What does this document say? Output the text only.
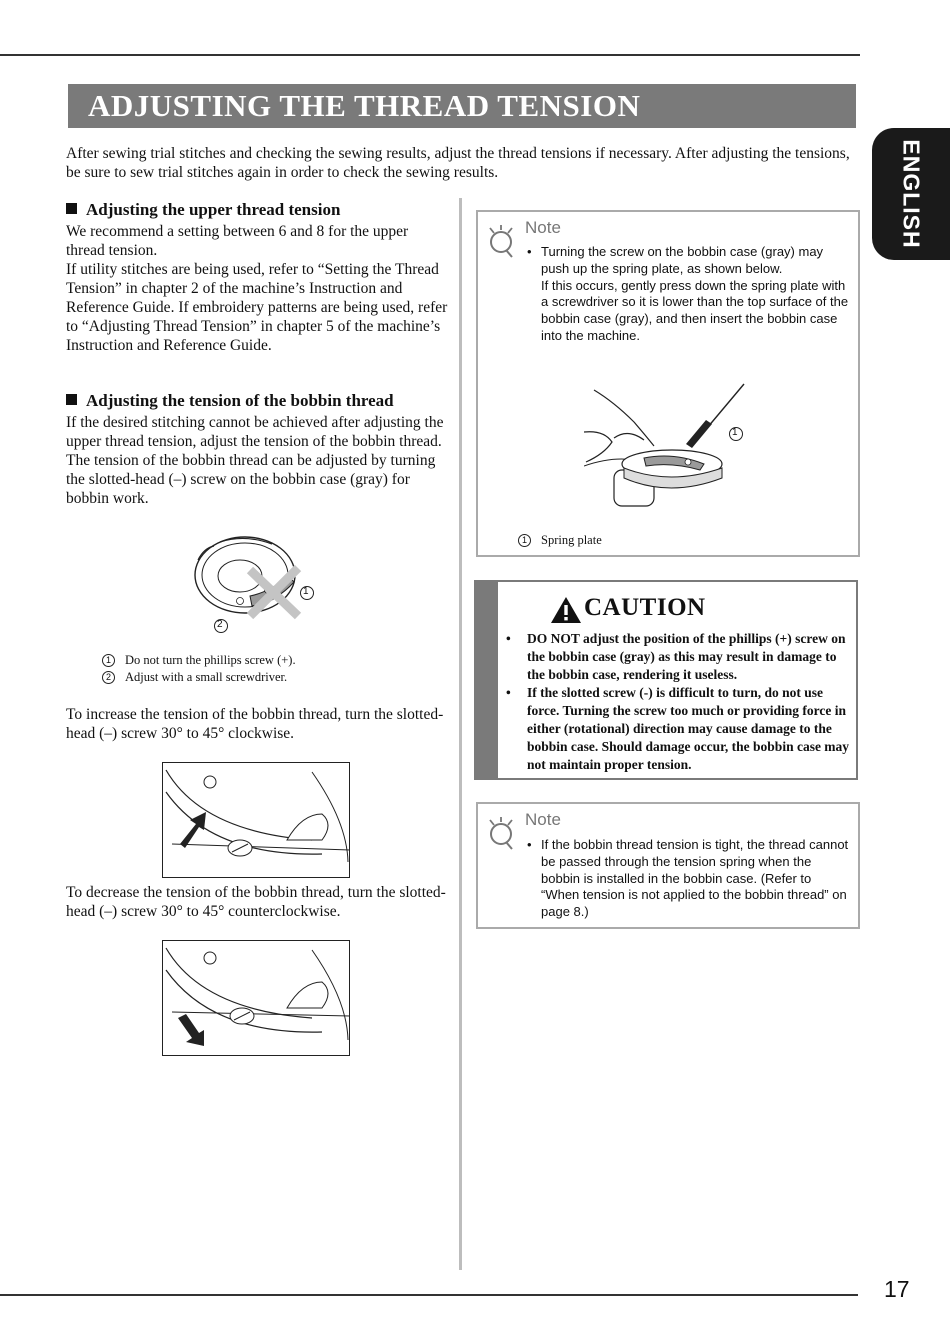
ADJUSTING THE THREAD TENSION
ENGLISH

After sewing trial stitches and checking the sewing results, adjust the thread tensions if necessary. After adjusting the tensions, be sure to sew trial stitches again in order to check the sewing results.

Adjusting the upper thread tension

We recommend a setting between 6 and 8 for the upper thread tension.
If utility stitches are being used, refer to “Setting the Thread Tension” in chapter 2 of the machine’s Instruction and Reference Guide. If embroidery patterns are being used, refer to “Adjusting Thread Tension” in chapter 5 of the machine’s Instruction and Reference Guide.

Adjusting the tension of the bobbin thread

If the desired stitching cannot be achieved after adjusting the upper thread tension, adjust the tension of the bobbin thread. The tension of the bobbin thread can be adjusted by turning the slotted-head (–) screw on the bobbin case (gray) for bobbin work.

1
2
1	Do not turn the phillips screw (+).
2	Adjust with a small screwdriver.

To increase the tension of the bobbin thread, turn the slotted-head (–) screw 30° to 45° clockwise.

To decrease the tension of the bobbin thread, turn the slotted-head (–) screw 30° to 45° counterclockwise.

Note
• Turning the screw on the bobbin case (gray) may push up the spring plate, as shown below.
If this occurs, gently press down the spring plate with a screwdriver so it is lower than the top surface of the bobbin case (gray), and then insert the bobbin case into the machine.
1
1	Spring plate
CAUTION
• DO NOT adjust the position of the phillips (+) screw on the bobbin case (gray) as this may result in damage to the bobbin case, rendering it useless.
• If the slotted screw (-) is difficult to turn, do not use force. Turning the screw too much or providing force in either (rotational) direction may cause damage to the bobbin case. Should damage occur, the bobbin case may not maintain proper tension.
Note
• If the bobbin thread tension is tight, the thread cannot be passed through the tension spring when the bobbin is installed in the bobbin case. (Refer to “When tension is not applied to the bobbin thread” on page 8.)
17
